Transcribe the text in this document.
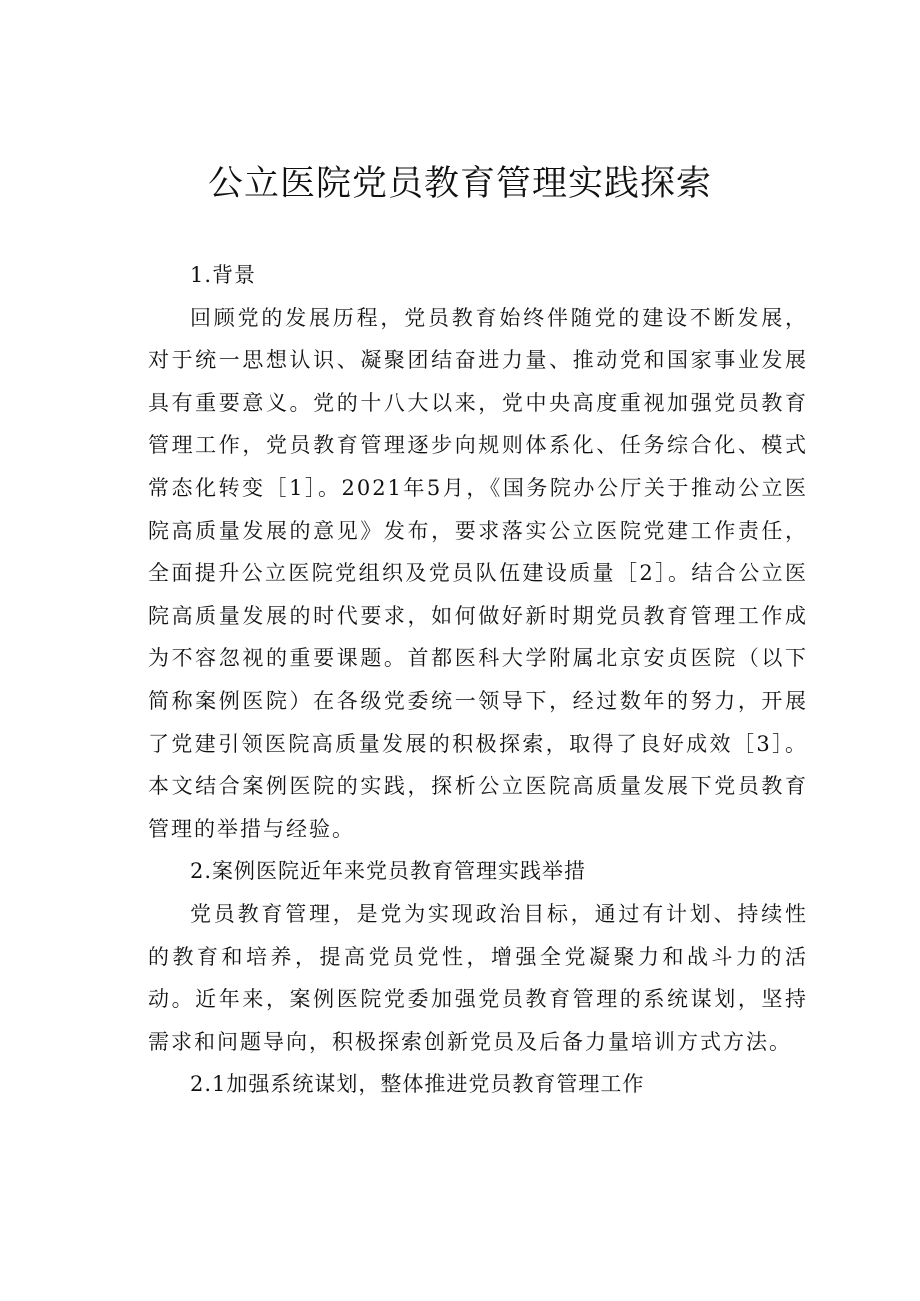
公立医院党员教育管理实践探索

1.背景

回顾党的发展历程，党员教育始终伴随党的建设不断发展，对于统一思想认识、凝聚团结奋进力量、推动党和国家事业发展具有重要意义。党的十八大以来，党中央高度重视加强党员教育管理工作，党员教育管理逐步向规则体系化、任务综合化、模式常态化转变［1］。2021年5月，《国务院办公厅关于推动公立医院高质量发展的意见》发布，要求落实公立医院党建工作责任，全面提升公立医院党组织及党员队伍建设质量［2］。结合公立医院高质量发展的时代要求，如何做好新时期党员教育管理工作成为不容忽视的重要课题。首都医科大学附属北京安贞医院（以下简称案例医院）在各级党委统一领导下，经过数年的努力，开展了党建引领医院高质量发展的积极探索，取得了良好成效［3］。本文结合案例医院的实践，探析公立医院高质量发展下党员教育管理的举措与经验。

2.案例医院近年来党员教育管理实践举措

党员教育管理，是党为实现政治目标，通过有计划、持续性的教育和培养，提高党员党性，增强全党凝聚力和战斗力的活动。近年来，案例医院党委加强党员教育管理的系统谋划，坚持需求和问题导向，积极探索创新党员及后备力量培训方式方法。

2.1加强系统谋划，整体推进党员教育管理工作
